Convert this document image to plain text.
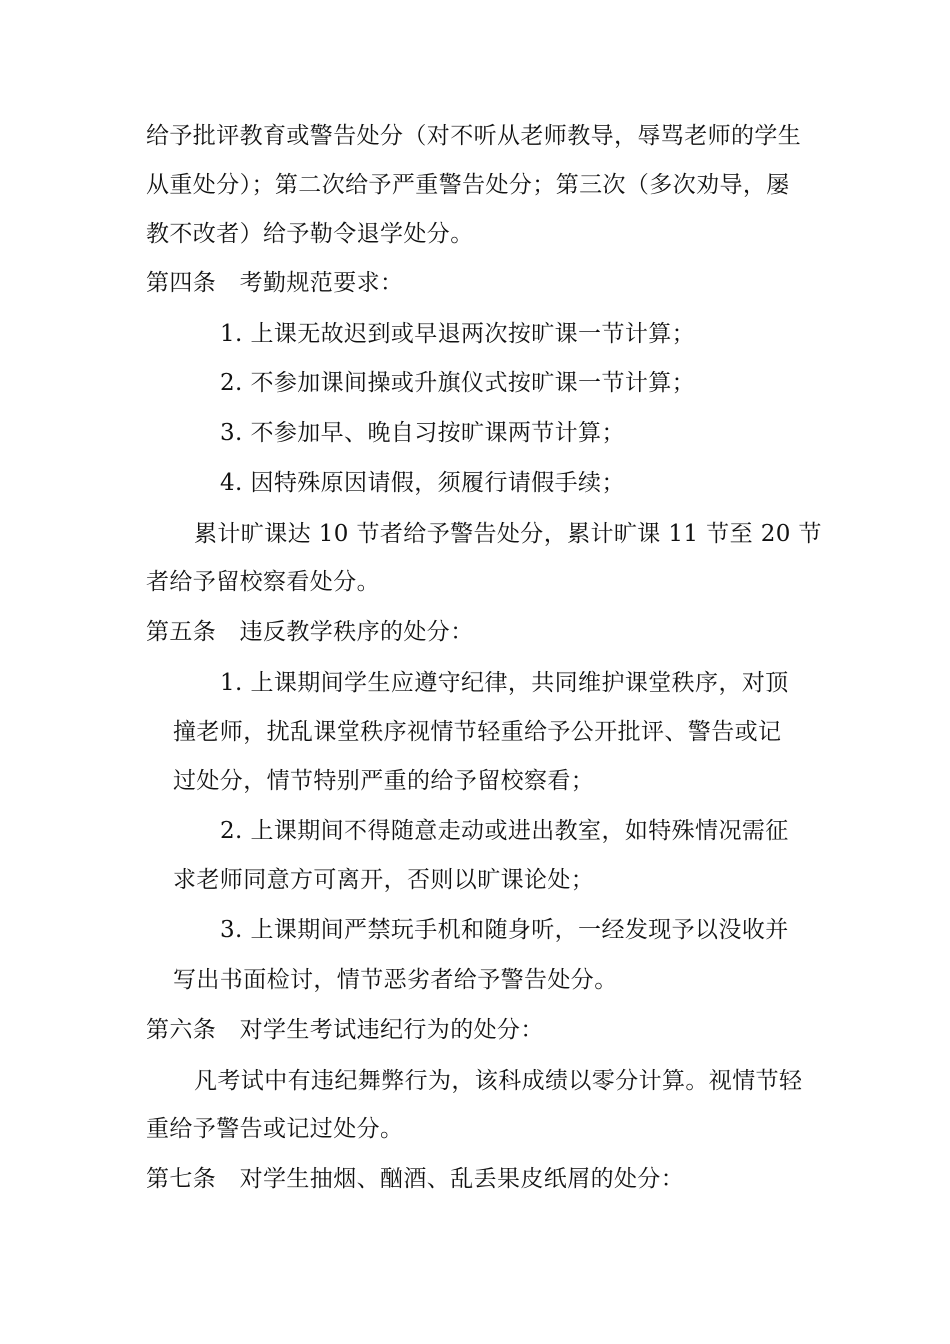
给予批评教育或警告处分（对不听从老师教导，辱骂老师的学生
从重处分）；第二次给予严重警告处分；第三次（多次劝导，屡
教不改者）给予勒令退学处分。
第四条　考勤规范要求：
1. 上课无故迟到或早退两次按旷课一节计算；
2. 不参加课间操或升旗仪式按旷课一节计算；
3. 不参加早、晚自习按旷课两节计算；
4. 因特殊原因请假，须履行请假手续；
累计旷课达 10 节者给予警告处分，累计旷课 11 节至 20 节
者给予留校察看处分。
第五条　违反教学秩序的处分：
1. 上课期间学生应遵守纪律，共同维护课堂秩序，对顶
撞老师，扰乱课堂秩序视情节轻重给予公开批评、警告或记
过处分，情节特别严重的给予留校察看；
2. 上课期间不得随意走动或进出教室，如特殊情况需征
求老师同意方可离开，否则以旷课论处；
3. 上课期间严禁玩手机和随身听，一经发现予以没收并
写出书面检讨，情节恶劣者给予警告处分。
第六条　对学生考试违纪行为的处分：
凡考试中有违纪舞弊行为，该科成绩以零分计算。视情节轻
重给予警告或记过处分。
第七条　对学生抽烟、酗酒、乱丢果皮纸屑的处分：
